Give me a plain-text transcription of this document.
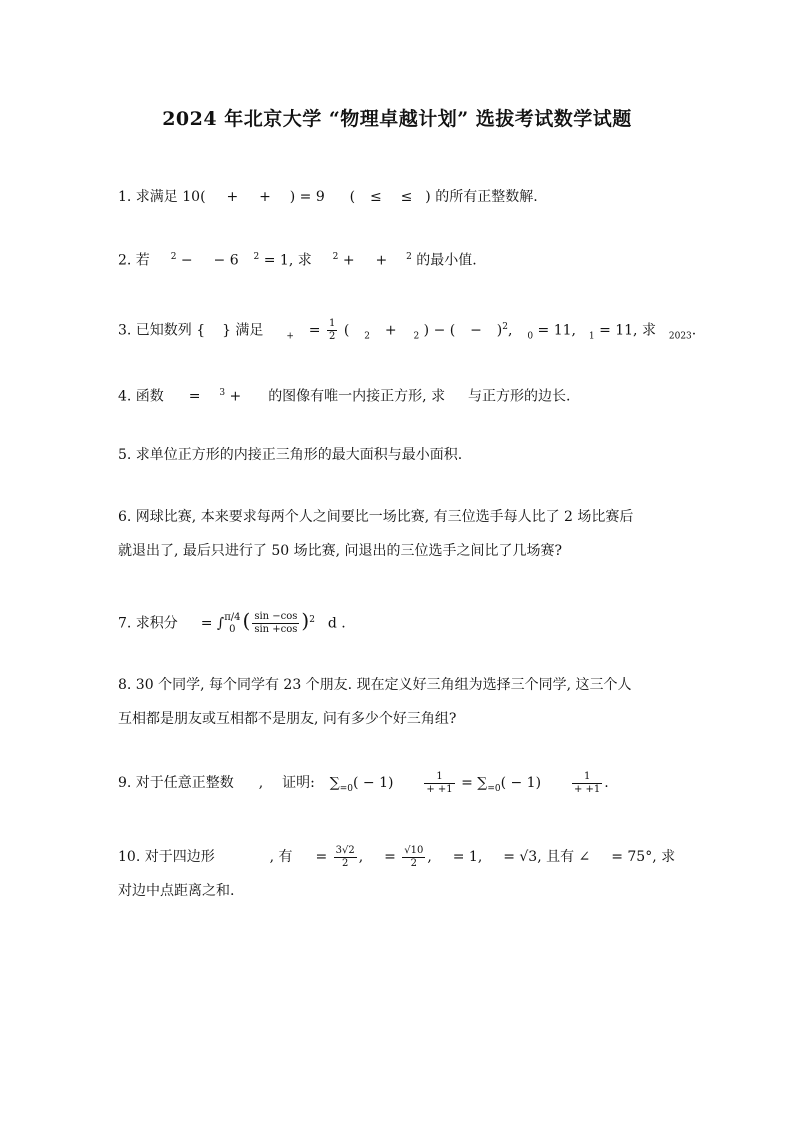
2024 年北京大学 “物理卓越计划” 选拔考试数学试题
1. 求满足 10( + + ) = 9 ( ≤ ≤ ) 的所有正整数解.
2. 若 $^2$ − − 6 $^2$ = 1, 求 $^2$ + + $^2$ 的最小值.
3. 已知数列 { } 满足	$_+ = \frac{1}{2}$ ( $_2$ + $_2$ ) − ( − )$^2$, $_0$ = 11, $_1$ = 11, 求 $_{2023}$.
4. 函数 = $^3$ + 的图像有唯一内接正方形, 求 与正方形的边长.
5. 求单位正方形的内接正三角形的最大面积与最小面积.
6. 网球比赛, 本来要求每两个人之间要比一场比赛, 有三位选手每人比了 2 场比赛后
就退出了, 最后只进行了 50 场比赛, 问退出的三位选手之间比了几场赛?
7. 求积分 = ∫ π/4
0 ( $\frac{\sin -\cos}{\sin +\cos} )^2$ d .
8. 30 个同学, 每个同学有 23 个朋友. 现在定义好三角组为选择三个同学, 这三个人
互相都是朋友或互相都不是朋友, 问有多少个好三角组?
9. 对于任意正整数 , 证明: $\sum_{=0}( - 1)$	$\frac{1}{+ +1} = \sum_{=0}( - 1)$	$\frac{1}{+ +1}$ .
10. 对于四边形	, 有 = $\frac{3√2}{2}$ , = $\frac{√10}{2}$ , = 1, = √3, 且有 ∠ = 75°, 求
对边中点距离之和.
